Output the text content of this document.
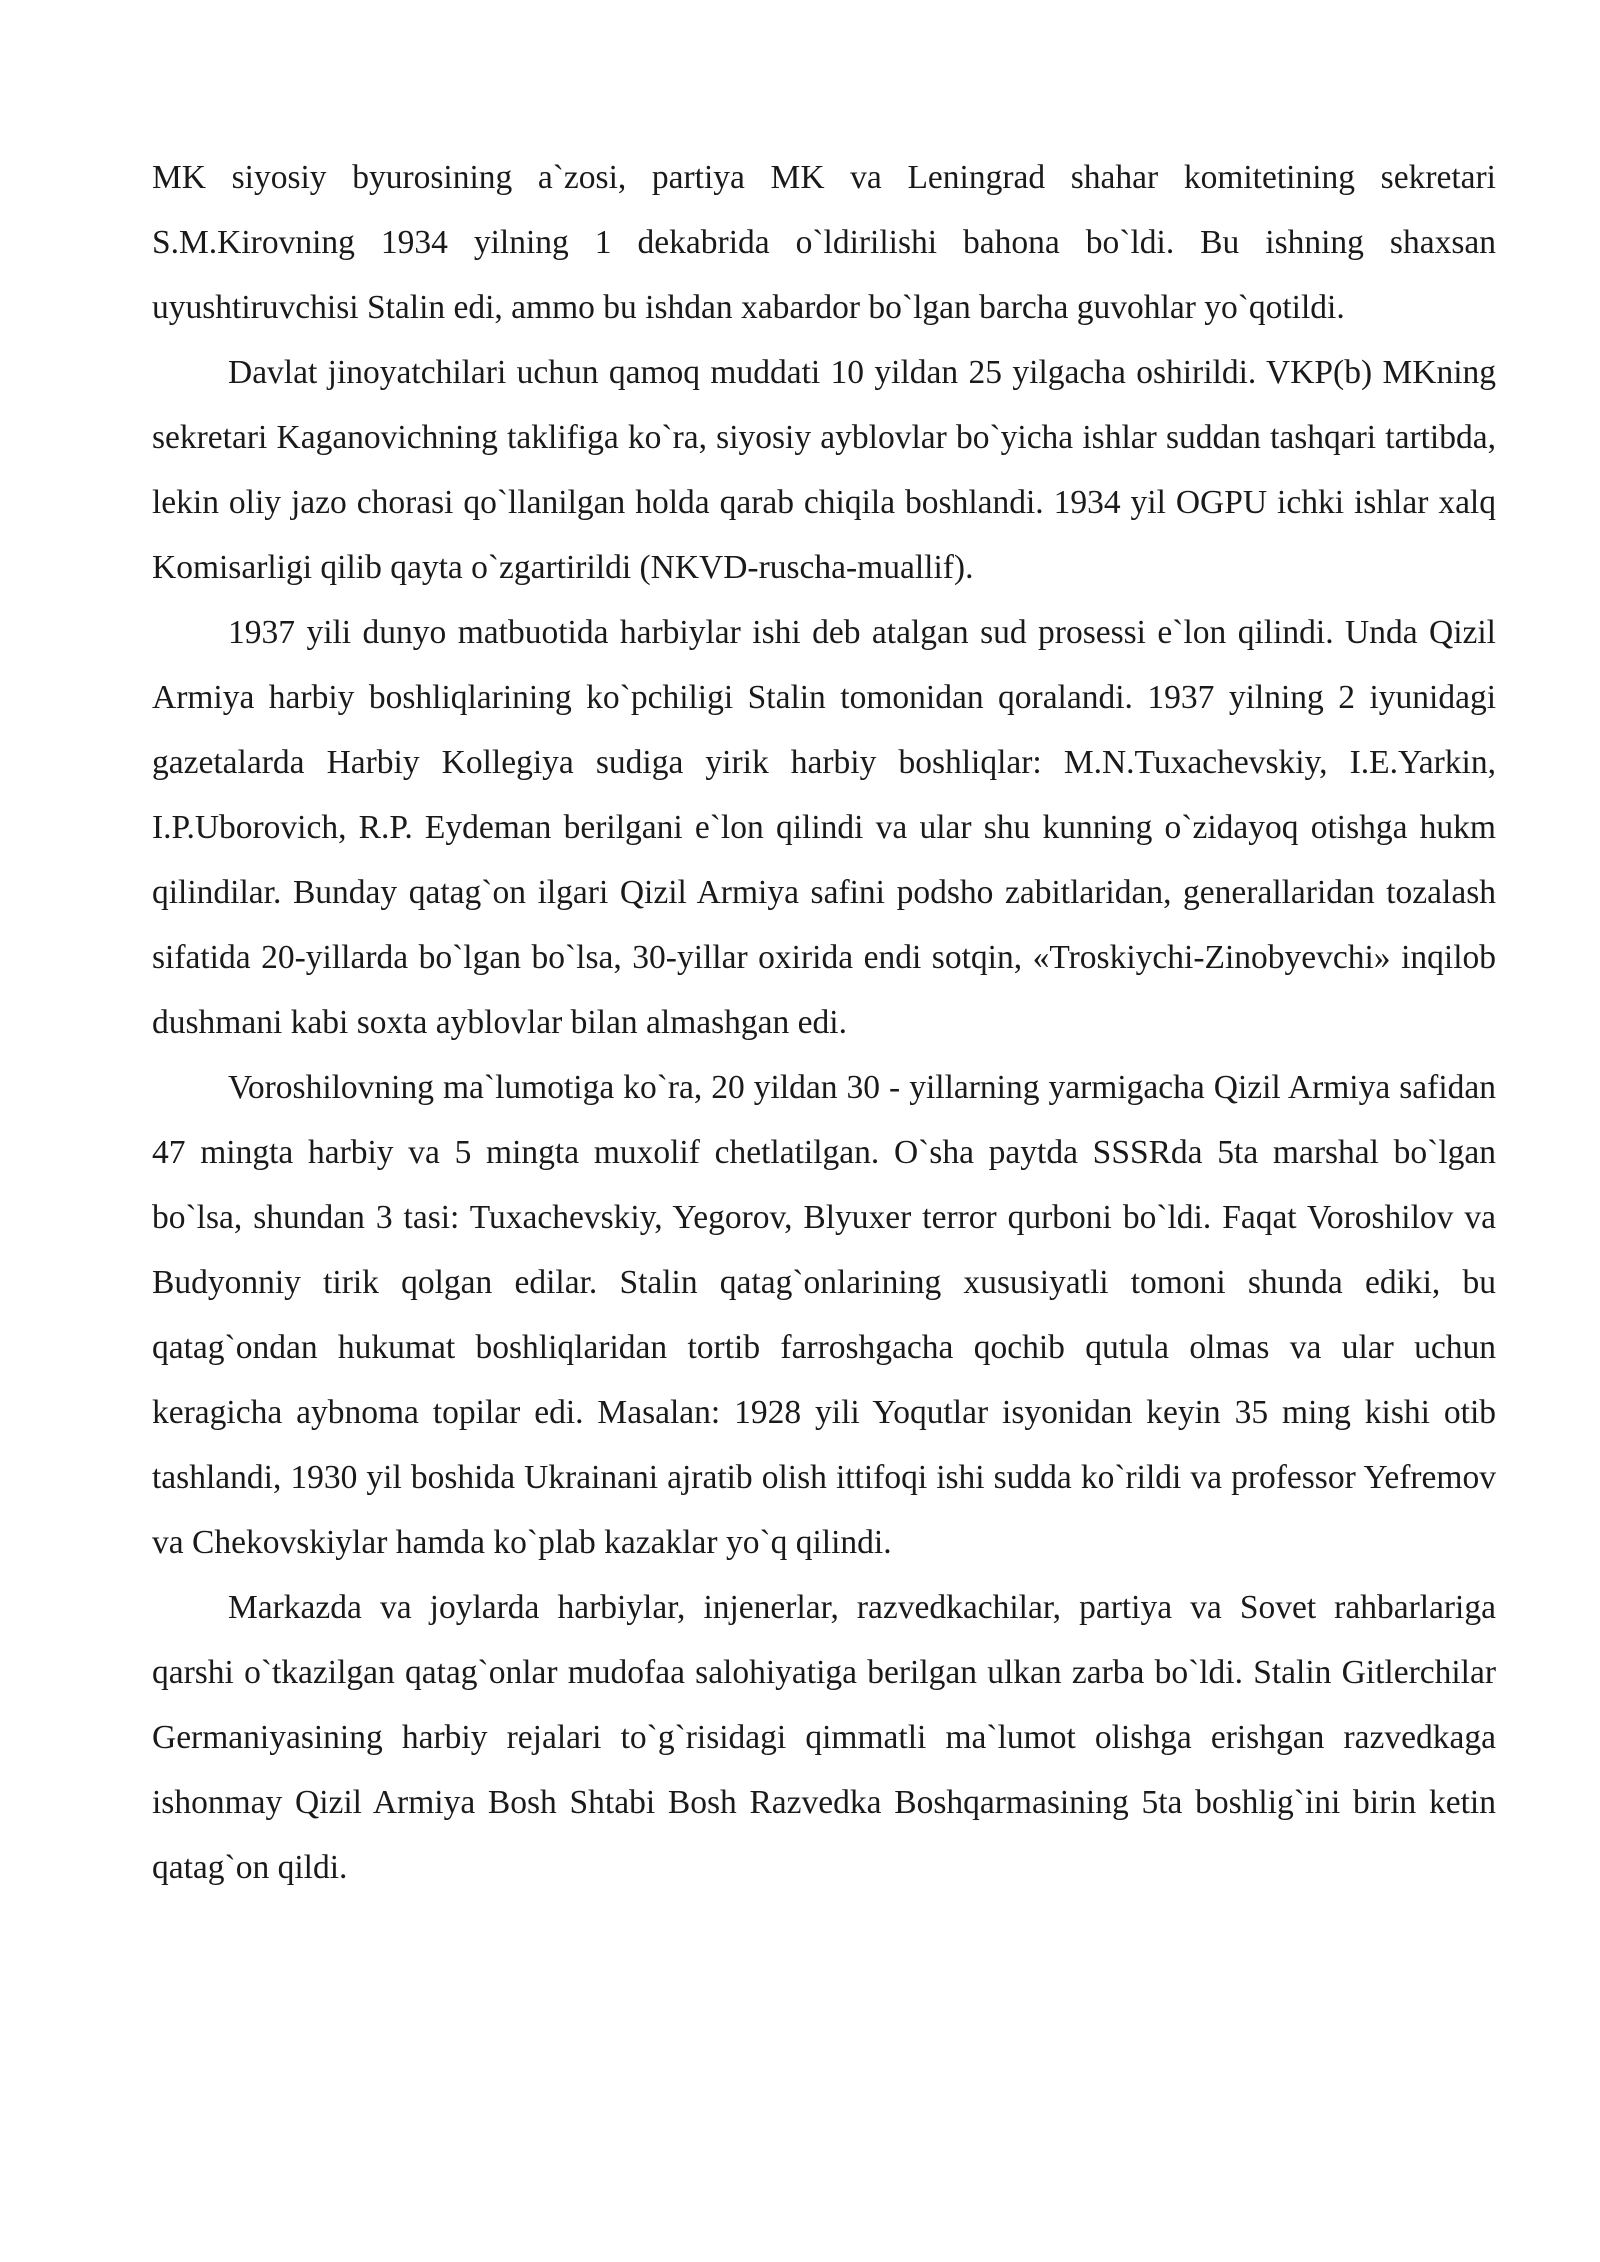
MK siyosiy byurosining a`zosi, partiya MK va Leningrad shahar komitetining sekretari S.M.Kirovning 1934 yilning 1 dekabrida o`ldirilishi bahona bo`ldi. Bu ishning shaxsan uyushtiruvchisi Stalin edi, ammo bu ishdan xabardor bo`lgan barcha guvohlar yo`qotildi.

Davlat jinoyatchilari uchun qamoq muddati 10 yildan 25 yilgacha oshirildi. VKP(b) MKning sekretari Kaganovichning taklifiga ko`ra, siyosiy ayblovlar bo`yicha ishlar suddan tashqari tartibda, lekin oliy jazo chorasi qo`llanilgan holda qarab chiqila boshlandi. 1934 yil OGPU ichki ishlar xalq Komisarligi qilib qayta o`zgartirildi (NKVD-ruscha-muallif).

1937 yili dunyo matbuotida harbiylar ishi deb atalgan sud prosessi e`lon qilindi. Unda Qizil Armiya harbiy boshliqlarining ko`pchiligi Stalin tomonidan qoralandi. 1937 yilning 2 iyunidagi gazetalarda Harbiy Kollegiya sudiga yirik harbiy boshliqlar: M.N.Tuxachevskiy, I.E.Yarkin, I.P.Uborovich, R.P. Eydeman berilgani e`lon qilindi va ular shu kunning o`zidayoq otishga hukm qilindilar. Bunday qatag`on ilgari Qizil Armiya safini podsho zabitlaridan, generallaridan tozalash sifatida 20-yillarda bo`lgan bo`lsa, 30-yillar oxirida endi sotqin, «Troskiychi-Zinobyevchi» inqilob dushmani kabi soxta ayblovlar bilan almashgan edi.

Voroshilovning ma`lumotiga ko`ra, 20 yildan 30 - yillarning yarmigacha Qizil Armiya safidan 47 mingta harbiy va 5 mingta muxolif chetlatilgan. O`sha paytda SSSRda 5ta marshal bo`lgan bo`lsa, shundan 3 tasi: Tuxachevskiy, Yegorov, Blyuxer terror qurboni bo`ldi. Faqat Voroshilov va Budyonniy tirik qolgan edilar. Stalin qatag`onlarining xususiyatli tomoni shunda ediki, bu qatag`ondan hukumat boshliqlaridan tortib farroshgacha qochib qutula olmas va ular uchun keragicha aybnoma topilar edi. Masalan: 1928 yili Yoqutlar isyonidan keyin 35 ming kishi otib tashlandi, 1930 yil boshida Ukrainani ajratib olish ittifoqi ishi sudda ko`rildi va professor Yefremov va Chekovskiylar hamda ko`plab kazaklar yo`q qilindi.

Markazda va joylarda harbiylar, injenerlar, razvedkachilar, partiya va Sovet rahbarlariga qarshi o`tkazilgan qatag`onlar mudofaa salohiyatiga berilgan ulkan zarba bo`ldi. Stalin Gitlerchilar Germaniyasining harbiy rejalari to`g`risidagi qimmatli ma`lumot olishga erishgan razvedkaga ishonmay Qizil Armiya Bosh Shtabi Bosh Razvedka Boshqarmasining 5ta boshlig`ini birin ketin qatag`on qildi.
